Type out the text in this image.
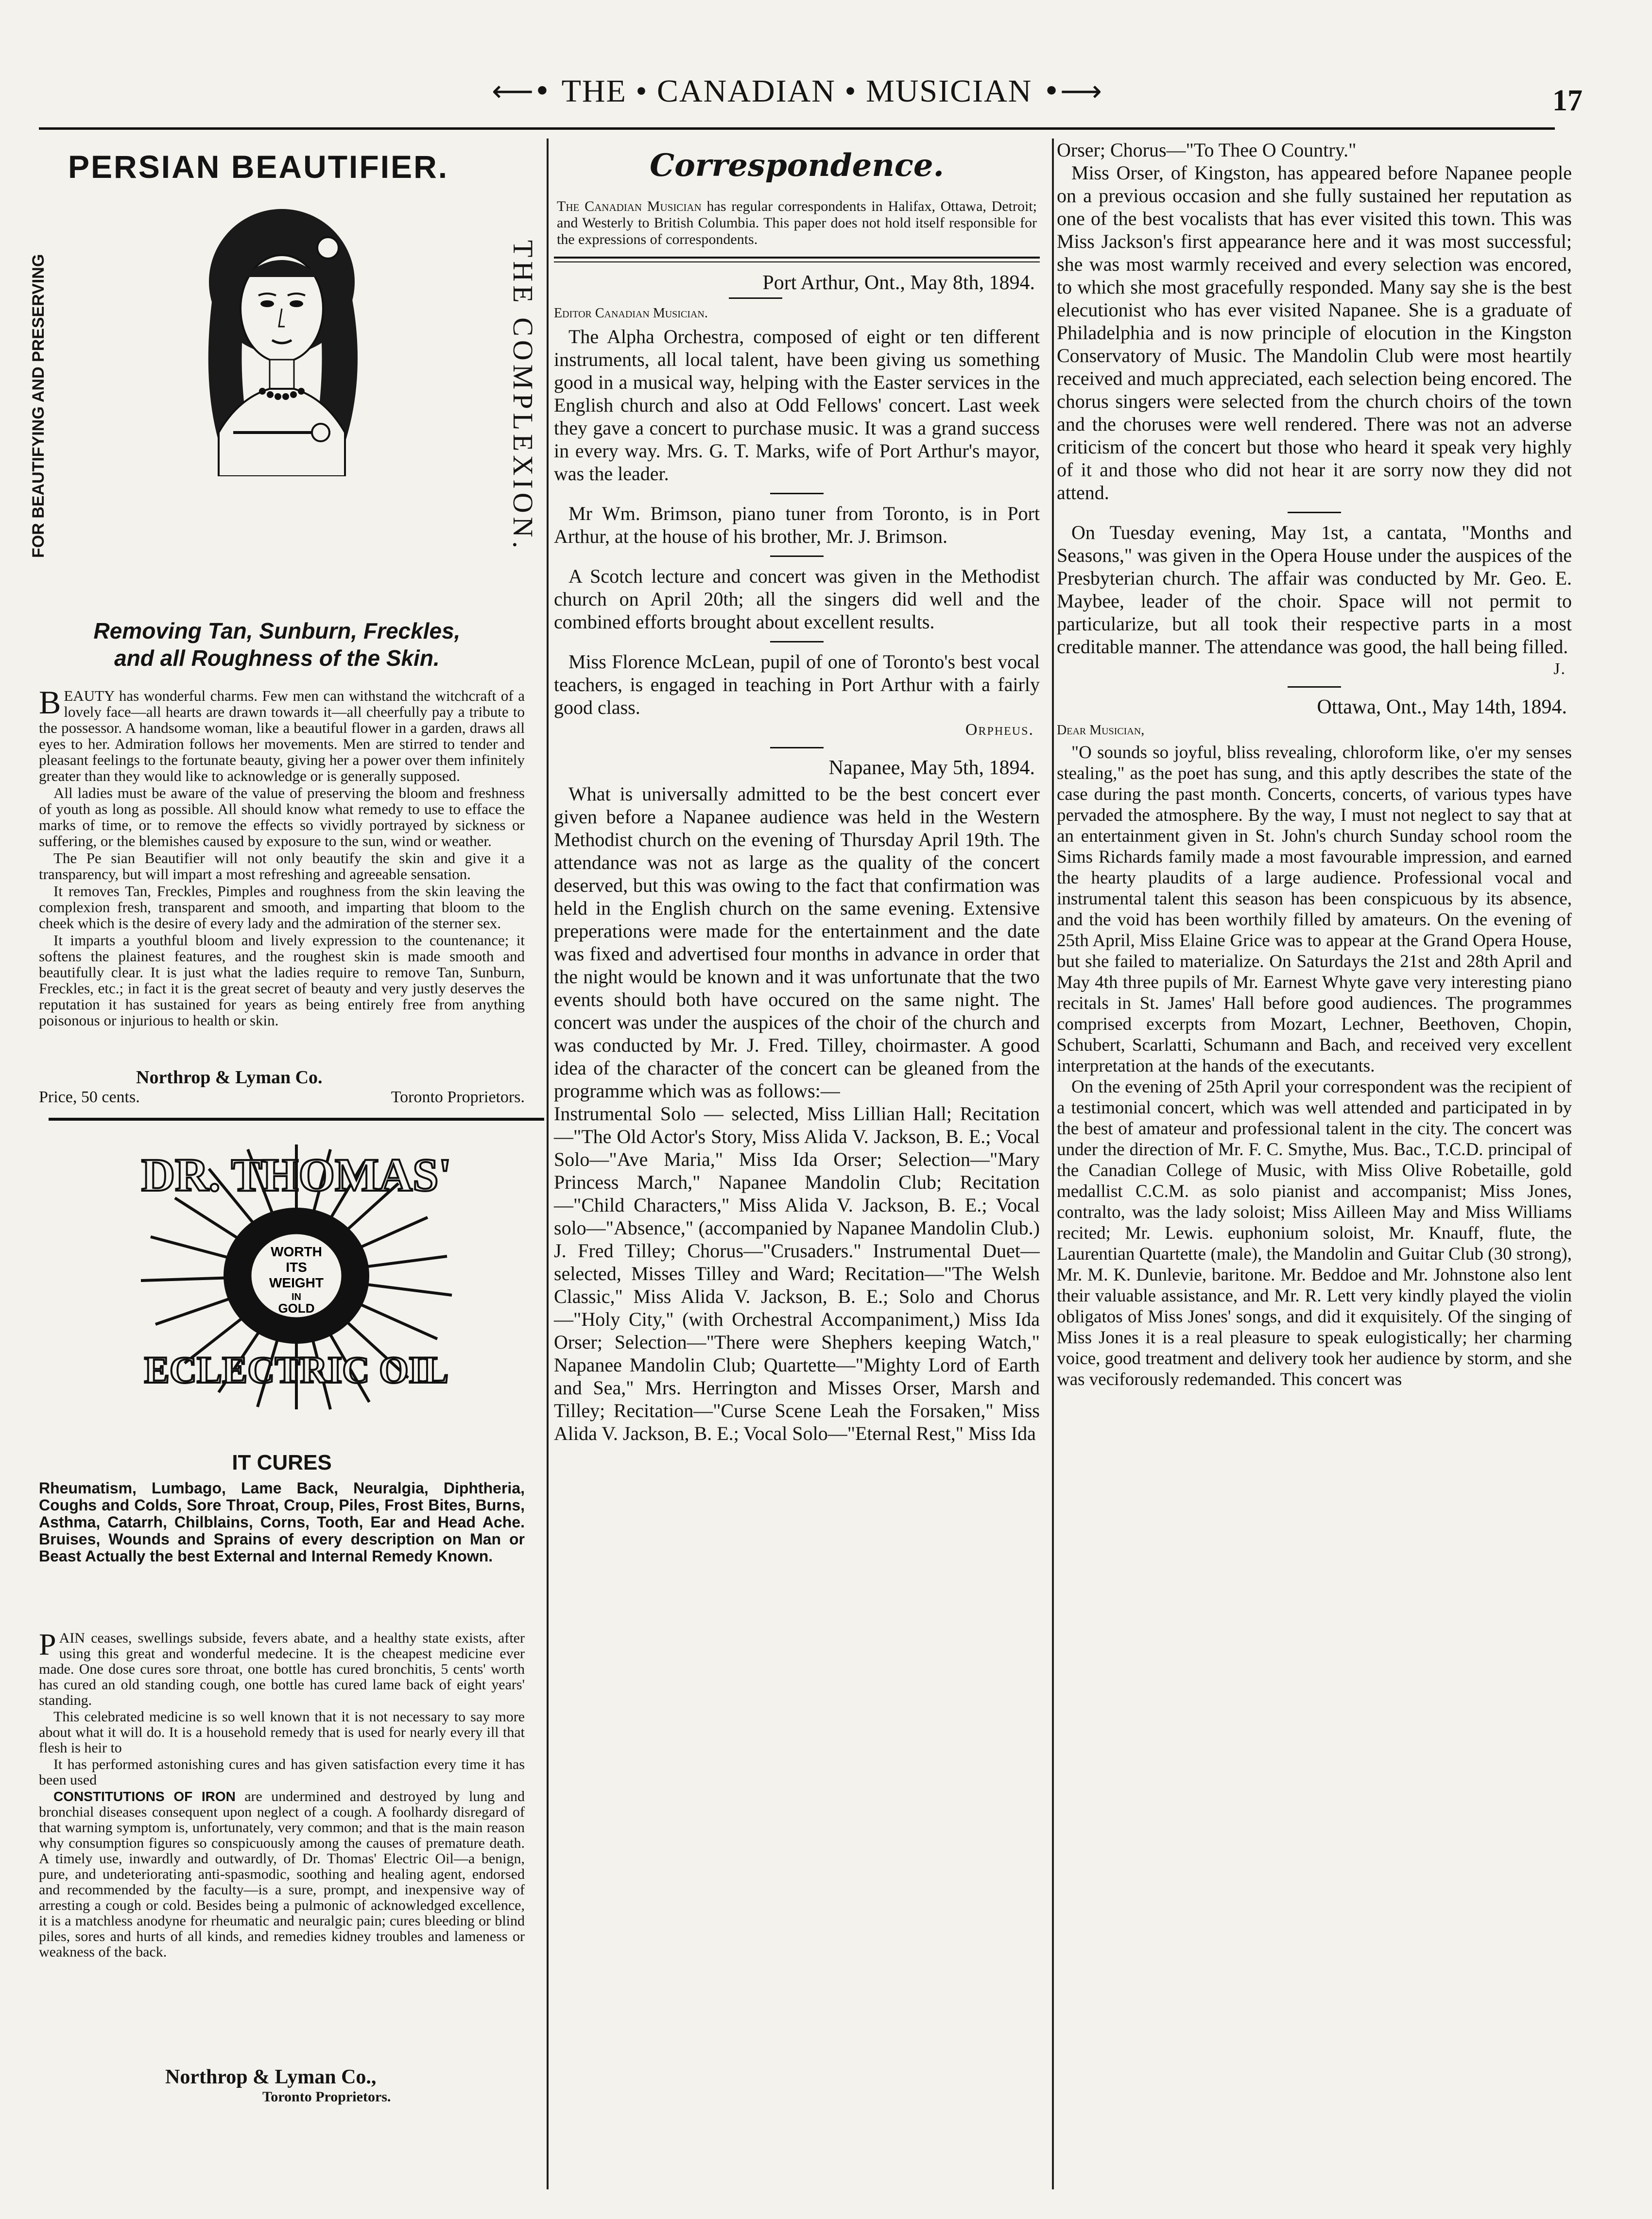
⟵• THE • CANADIAN • MUSICIAN •⟶	17
PERSIAN BEAUTIFIER.
FOR BEAUTIFYING AND PRESERVING	THE COMPLEXION.
Removing Tan, Sunburn, Freckles,
and all Roughness of the Skin.

BEAUTY has wonderful charms. Few men can withstand the witchcraft of a lovely face—all hearts are drawn towards it—all cheerfully pay a tribute to the possessor. A handsome woman, like a beautiful flower in a garden, draws all eyes to her. Admiration follows her movements. Men are stirred to tender and pleasant feelings to the fortunate beauty, giving her a power over them infinitely greater than they would like to acknowledge or is generally supposed.

All ladies must be aware of the value of preserving the bloom and freshness of youth as long as possible. All should know what remedy to use to efface the marks of time, or to remove the effects so vividly portrayed by sickness or suffering, or the blemishes caused by exposure to the sun, wind or weather.

The Pe sian Beautifier will not only beautify the skin and give it a transparency, but will impart a most refreshing and agreeable sensation.

It removes Tan, Freckles, Pimples and roughness from the skin leaving the complexion fresh, transparent and smooth, and imparting that bloom to the cheek which is the desire of every lady and the admiration of the sterner sex.

It imparts a youthful bloom and lively expression to the countenance; it softens the plainest features, and the roughest skin is made smooth and beautifully clear. It is just what the ladies require to remove Tan, Sunburn, Freckles, etc.; in fact it is the great secret of beauty and very justly deserves the reputation it has sustained for years as being entirely free from anything poisonous or injurious to health or skin.

Northrop & Lyman Co.
Price, 50 cents.	Toronto Proprietors.
WORTH
ITS
WEIGHT
IN
GOLD
DR. THOMAS'
ECLECTRIC OIL
IT CURES
Rheumatism, Lumbago, Lame Back, Neuralgia, Diphtheria, Coughs and Colds, Sore Throat, Croup, Piles, Frost Bites, Burns, Asthma, Catarrh, Chilblains, Corns, Tooth, Ear and Head Ache. Bruises, Wounds and Sprains of every description on Man or Beast Actually the best External and Internal Remedy Known.

PAIN ceases, swellings subside, fevers abate, and a healthy state exists, after using this great and wonderful medecine. It is the cheapest medicine ever made. One dose cures sore throat, one bottle has cured bronchitis, 5 cents' worth has cured an old standing cough, one bottle has cured lame back of eight years' standing.

This celebrated medicine is so well known that it is not necessary to say more about what it will do. It is a household remedy that is used for nearly every ill that flesh is heir to

It has performed astonishing cures and has given satisfaction every time it has been used

CONSTITUTIONS OF IRON are undermined and destroyed by lung and bronchial diseases consequent upon neglect of a cough. A foolhardy disregard of that warning symptom is, unfortunately, very common; and that is the main reason why consumption figures so conspicuously among the causes of premature death. A timely use, inwardly and outwardly, of Dr. Thomas' Electric Oil—a benign, pure, and undeteriorating anti-spasmodic, soothing and healing agent, endorsed and recommended by the faculty—is a sure, prompt, and inexpensive way of arresting a cough or cold. Besides being a pulmonic of acknowledged excellence, it is a matchless anodyne for rheumatic and neuralgic pain; cures bleeding or blind piles, sores and hurts of all kinds, and remedies kidney troubles and lameness or weakness of the back.

Northrop & Lyman Co.,
Toronto Proprietors.
Correspondence.
The Canadian Musician has regular correspondents in Halifax, Ottawa, Detroit; and Westerly to British Columbia. This paper does not hold itself responsible for the expressions of correspondents.
Port Arthur, Ont., May 8th, 1894.
Editor Canadian Musician.

The Alpha Orchestra, composed of eight or ten different instruments, all local talent, have been giving us something good in a musical way, helping with the Easter services in the English church and also at Odd Fellows' concert. Last week they gave a concert to purchase music. It was a grand success in every way. Mrs. G. T. Marks, wife of Port Arthur's mayor, was the leader.

Mr Wm. Brimson, piano tuner from Toronto, is in Port Arthur, at the house of his brother, Mr. J. Brimson.

A Scotch lecture and concert was given in the Methodist church on April 20th; all the singers did well and the combined efforts brought about excellent results.

Miss Florence McLean, pupil of one of Toronto's best vocal teachers, is engaged in teaching in Port Arthur with a fairly good class.

Orpheus.
Napanee, May 5th, 1894.

What is universally admitted to be the best concert ever given before a Napanee audience was held in the Western Methodist church on the evening of Thursday April 19th. The attendance was not as large as the quality of the concert deserved, but this was owing to the fact that confirmation was held in the English church on the same evening. Extensive preperations were made for the entertainment and the date was fixed and advertised four months in advance in order that the night would be known and it was unfortunate that the two events should both have occured on the same night. The concert was under the auspices of the choir of the church and was conducted by Mr. J. Fred. Tilley, choirmaster. A good idea of the character of the concert can be gleaned from the programme which was as follows:—

Instrumental Solo — selected, Miss Lillian Hall; Recitation—"The Old Actor's Story, Miss Alida V. Jackson, B. E.; Vocal Solo—"Ave Maria," Miss Ida Orser; Selection—"Mary Princess March," Napanee Mandolin Club; Recitation—"Child Characters," Miss Alida V. Jackson, B. E.; Vocal solo—"Absence," (accompanied by Napanee Mandolin Club.) J. Fred Tilley; Chorus—"Crusaders." Instrumental Duet—selected, Misses Tilley and Ward; Recitation—"The Welsh Classic," Miss Alida V. Jackson, B. E.; Solo and Chorus —"Holy City," (with Orchestral Accompaniment,) Miss Ida Orser; Selection—"There were Shephers keeping Watch," Napanee Mandolin Club; Quartette—"Mighty Lord of Earth and Sea," Mrs. Herrington and Misses Orser, Marsh and Tilley; Recitation—"Curse Scene Leah the Forsaken," Miss Alida V. Jackson, B. E.; Vocal Solo—"Eternal Rest," Miss Ida

Orser; Chorus—"To Thee O Country."

Miss Orser, of Kingston, has appeared before Napanee people on a previous occasion and she fully sustained her reputation as one of the best vocalists that has ever visited this town. This was Miss Jackson's first appearance here and it was most successful; she was most warmly received and every selection was encored, to which she most gracefully responded. Many say she is the best elecutionist who has ever visited Napanee. She is a graduate of Philadelphia and is now principle of elocution in the Kingston Conservatory of Music. The Mandolin Club were most heartily received and much appreciated, each selection being encored. The chorus singers were selected from the church choirs of the town and the choruses were well rendered. There was not an adverse criticism of the concert but those who heard it speak very highly of it and those who did not hear it are sorry now they did not attend.

On Tuesday evening, May 1st, a cantata, "Months and Seasons," was given in the Opera House under the auspices of the Presbyterian church. The affair was conducted by Mr. Geo. E. Maybee, leader of the choir. Space will not permit to particularize, but all took their respective parts in a most creditable manner. The attendance was good, the hall being filled.

J.
Ottawa, Ont., May 14th, 1894.
Dear Musician,

"O sounds so joyful, bliss revealing, chloroform like, o'er my senses stealing," as the poet has sung, and this aptly describes the state of the case during the past month. Concerts, concerts, of various types have pervaded the atmosphere. By the way, I must not neglect to say that at an entertainment given in St. John's church Sunday school room the Sims Richards family made a most favourable impression, and earned the hearty plaudits of a large audience. Professional vocal and instrumental talent this season has been conspicuous by its absence, and the void has been worthily filled by amateurs. On the evening of 25th April, Miss Elaine Grice was to appear at the Grand Opera House, but she failed to materialize. On Saturdays the 21st and 28th April and May 4th three pupils of Mr. Earnest Whyte gave very interesting piano recitals in St. James' Hall before good audiences. The programmes comprised excerpts from Mozart, Lechner, Beethoven, Chopin, Schubert, Scarlatti, Schumann and Bach, and received very excellent interpretation at the hands of the executants.

On the evening of 25th April your correspondent was the recipient of a testimonial concert, which was well attended and participated in by the best of amateur and professional talent in the city. The concert was under the direction of Mr. F. C. Smythe, Mus. Bac., T.C.D. principal of the Canadian College of Music, with Miss Olive Robetaille, gold medallist C.C.M. as solo pianist and accompanist; Miss Jones, contralto, was the lady soloist; Miss Ailleen May and Miss Williams recited; Mr. Lewis. euphonium soloist, Mr. Knauff, flute, the Laurentian Quartette (male), the Mandolin and Guitar Club (30 strong), Mr. M. K. Dunlevie, baritone. Mr. Beddoe and Mr. Johnstone also lent their valuable assistance, and Mr. R. Lett very kindly played the violin obligatos of Miss Jones' songs, and did it exquisitely. Of the singing of Miss Jones it is a real pleasure to speak eulogistically; her charming voice, good treatment and delivery took her audience by storm, and she was veciforously redemanded. This concert was
